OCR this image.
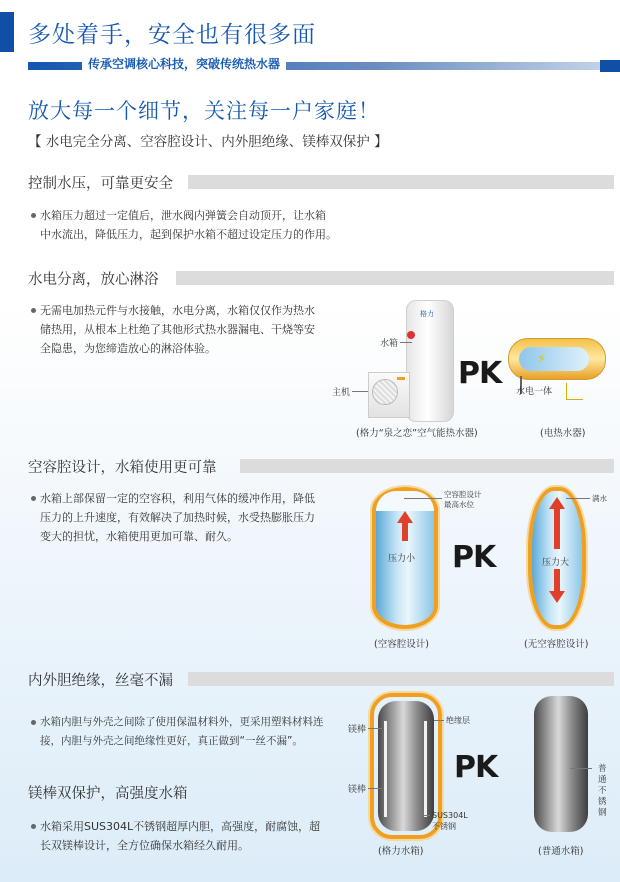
多处着手，安全也有很多面
传承空调核心科技，突破传统热水器
放大每一个细节，关注每一户家庭！
【 水电完全分离、空容腔设计、内外胆绝缘、镁棒双保护 】
控制水压，可靠更安全
水箱压力超过一定值后，泄水阀内弹簧会自动顶开，让水箱
中水流出，降低压力，起到保护水箱不超过设定压力的作用。
水电分离，放心淋浴
无需电加热元件与水接触，水电分离，水箱仅仅作为热水
储热用，从根本上杜绝了其他形式热水器漏电、干烧等安
全隐患，为您缔造放心的淋浴体验。
格力
水箱
主机
PK	⚡
水电一体
(格力“泉之恋”空气能热水器)	(电热水器)
空容腔设计，水箱使用更可靠
水箱上部保留一定的空容积，利用气体的缓冲作用，降低
压力的上升速度，有效解决了加热时候，水受热膨胀压力
变大的担忧，水箱使用更加可靠、耐久。
压力小
空容腔设计
最高水位
PK	压力大
满水
(空容腔设计)	(无空容腔设计)
内外胆绝缘，丝毫不漏
水箱内胆与外壳之间除了使用保温材料外，更采用塑料材料连
接，内胆与外壳之间绝缘性更好，真正做到“一丝不漏”。
镁棒双保护，高强度水箱
水箱采用SUS304L不锈钢超厚内胆，高强度，耐腐蚀，超
长双镁棒设计，全方位确保水箱经久耐用。
镁棒
镁棒
绝缘层
SUS304L
不锈钢
PK	普通不锈钢
(格力水箱)	(普通水箱)
